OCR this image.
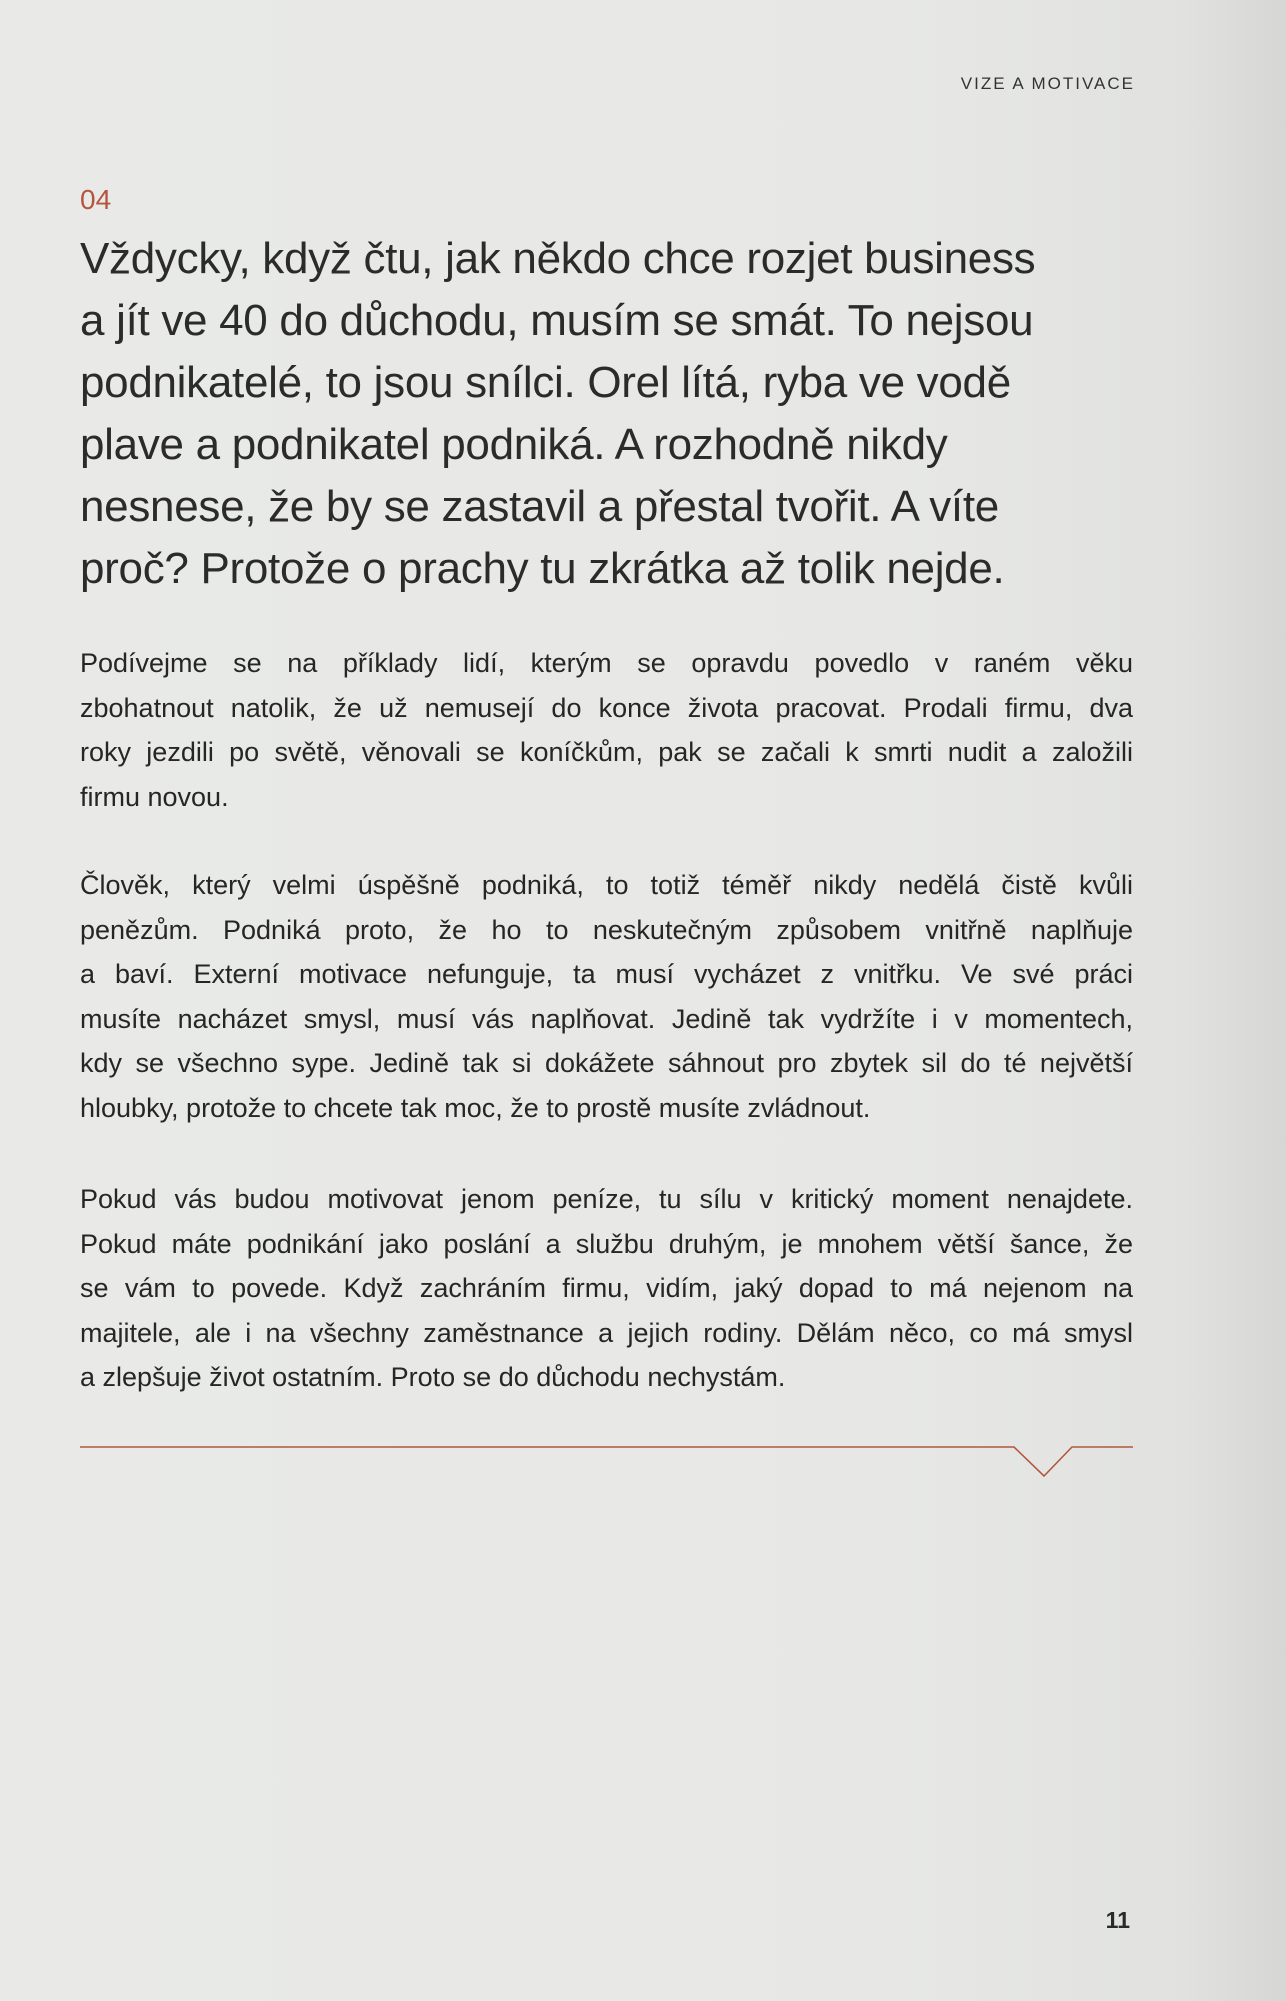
VIZE A MOTIVACE
04
Vždycky, když čtu, jak někdo chce rozjet business
a jít ve 40 do důchodu, musím se smát. To nejsou
podnikatelé, to jsou snílci. Orel lítá, ryba ve vodě
plave a podnikatel podniká. A rozhodně nikdy
nesnese, že by se zastavil a přestal tvořit. A víte
proč? Protože o prachy tu zkrátka až tolik nejde.
Podívejme se na příklady lidí, kterým se opravdu povedlo v raném věku
zbohatnout natolik, že už nemusejí do konce života pracovat. Prodali firmu, dva
roky jezdili po světě, věnovali se koníčkům, pak se začali k smrti nudit a založili
firmu novou.
Člověk, který velmi úspěšně podniká, to totiž téměř nikdy nedělá čistě kvůli
penězům. Podniká proto, že ho to neskutečným způsobem vnitřně naplňuje
a baví. Externí motivace nefunguje, ta musí vycházet z vnitřku. Ve své práci
musíte nacházet smysl, musí vás naplňovat. Jedině tak vydržíte i v momentech,
kdy se všechno sype. Jedině tak si dokážete sáhnout pro zbytek sil do té největší
hloubky, protože to chcete tak moc, že to prostě musíte zvládnout.
Pokud vás budou motivovat jenom peníze, tu sílu v kritický moment nenajdete.
Pokud máte podnikání jako poslání a službu druhým, je mnohem větší šance, že
se vám to povede. Když zachráním firmu, vidím, jaký dopad to má nejenom na
majitele, ale i na všechny zaměstnance a jejich rodiny. Dělám něco, co má smysl
a zlepšuje život ostatním. Proto se do důchodu nechystám.
11
